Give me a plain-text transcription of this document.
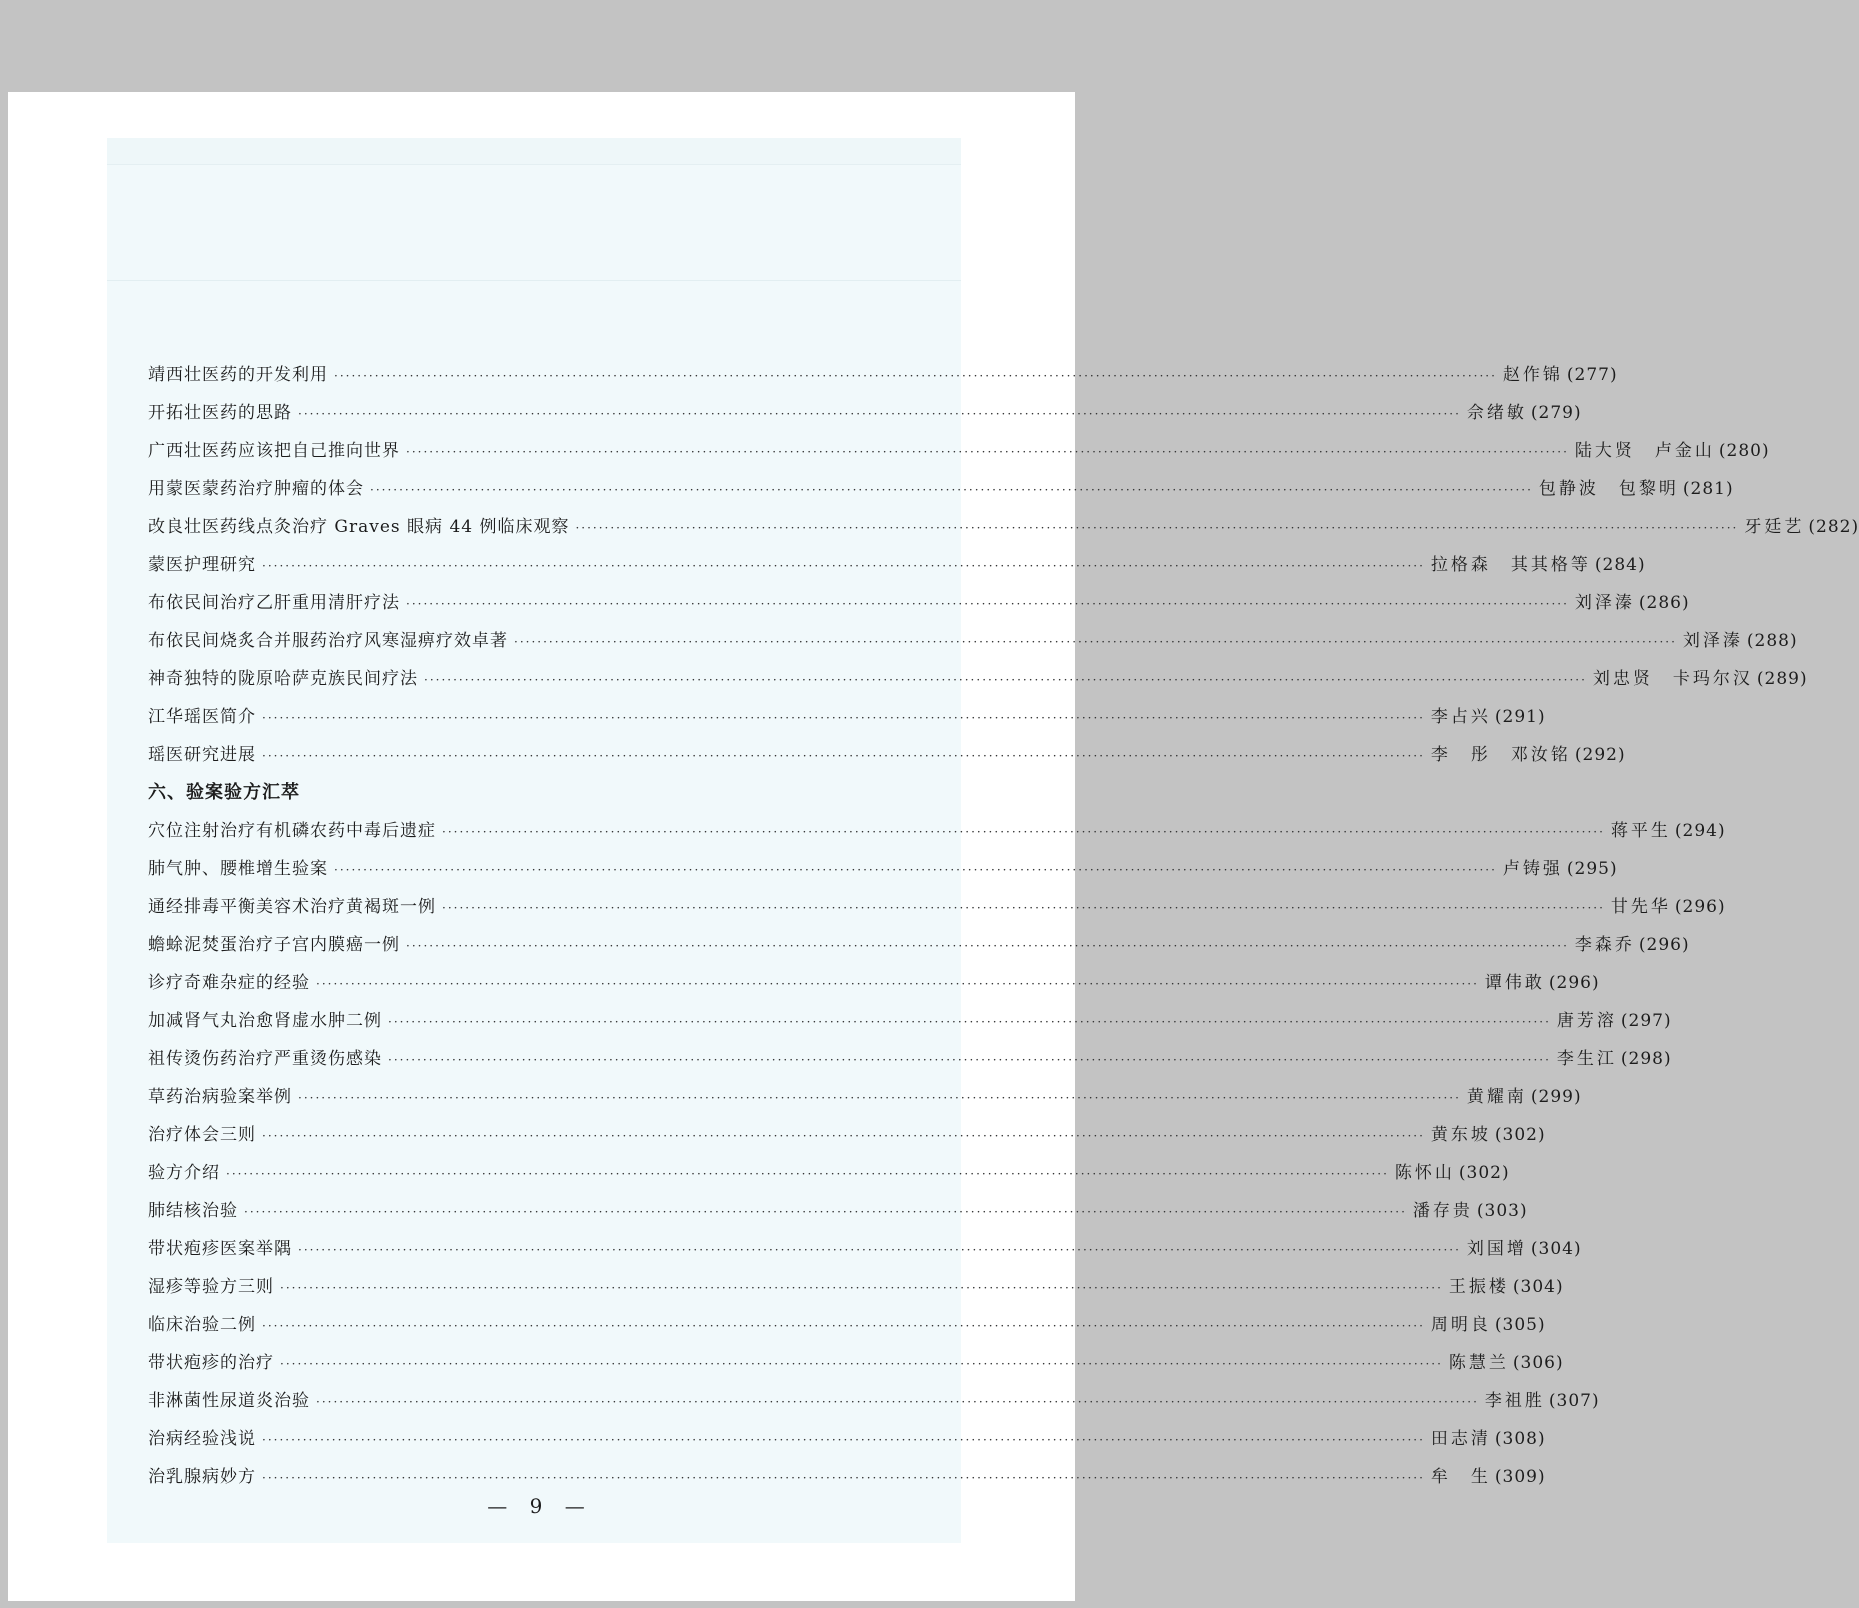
靖西壮医药的开发利用 ········································································································································································································ 赵作锦 (277)
开拓壮医药的思路 ········································································································································································································ 佘绪敏 (279)
广西壮医药应该把自己推向世界 ········································································································································································································ 陆大贤　卢金山 (280)
用蒙医蒙药治疗肿瘤的体会 ········································································································································································································ 包静波　包黎明 (281)
改良壮医药线点灸治疗 Graves 眼病 44 例临床观察 ········································································································································································································ 牙廷艺 (282)
蒙医护理研究 ········································································································································································································ 拉格森　其其格等 (284)
布依民间治疗乙肝重用清肝疗法 ········································································································································································································ 刘泽溱 (286)
布依民间烧炙合并服药治疗风寒湿痹疗效卓著 ········································································································································································································ 刘泽溱 (288)
神奇独特的陇原哈萨克族民间疗法 ········································································································································································································ 刘忠贤　卡玛尔汉 (289)
江华瑶医简介 ········································································································································································································ 李占兴 (291)
瑶医研究进展 ········································································································································································································ 李　彤　邓汝铭 (292)
六、验案验方汇萃
穴位注射治疗有机磷农药中毒后遗症 ········································································································································································································ 蒋平生 (294)
肺气肿、腰椎增生验案 ········································································································································································································ 卢铸强 (295)
通经排毒平衡美容术治疗黄褐斑一例 ········································································································································································································ 甘先华 (296)
蟾蜍泥焚蛋治疗子宫内膜癌一例 ········································································································································································································ 李森乔 (296)
诊疗奇难杂症的经验 ········································································································································································································ 谭伟敢 (296)
加减肾气丸治愈肾虚水肿二例 ········································································································································································································ 唐芳溶 (297)
祖传烫伤药治疗严重烫伤感染 ········································································································································································································ 李生江 (298)
草药治病验案举例 ········································································································································································································ 黄耀南 (299)
治疗体会三则 ········································································································································································································ 黄东坡 (302)
验方介绍 ········································································································································································································ 陈怀山 (302)
肺结核治验 ········································································································································································································ 潘存贵 (303)
带状疱疹医案举隅 ········································································································································································································ 刘国增 (304)
湿疹等验方三则 ········································································································································································································ 王振楼 (304)
临床治验二例 ········································································································································································································ 周明良 (305)
带状疱疹的治疗 ········································································································································································································ 陈慧兰 (306)
非淋菌性尿道炎治验 ········································································································································································································ 李祖胜 (307)
治病经验浅说 ········································································································································································································ 田志清 (308)
治乳腺病妙方 ········································································································································································································ 牟　生 (309)
— 9 —
